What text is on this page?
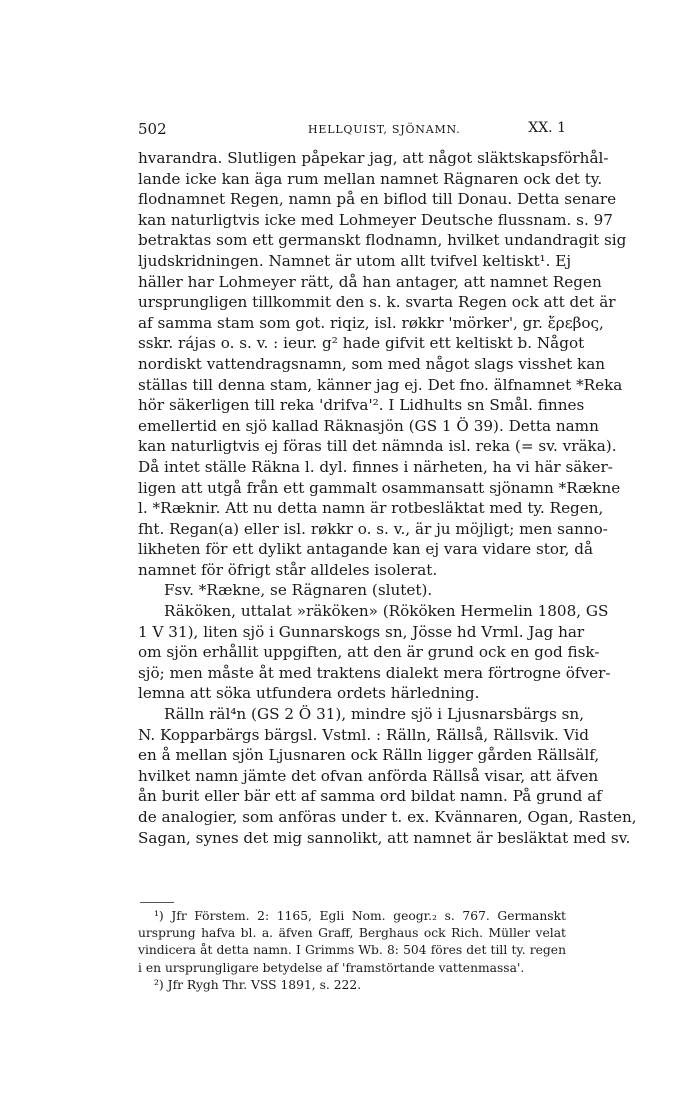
502	HELLQUIST, SJÖNAMN.	XX. 1
hvarandra. Slutligen påpekar jag, att något släktskapsförhål-
lande icke kan äga rum mellan namnet Rägnaren ock det ty.
flodnamnet Regen, namn på en biflod till Donau. Detta senare
kan naturligtvis icke med Lohmeyer Deutsche flussnam. s. 97
betraktas som ett germanskt flodnamn, hvilket undandragit sig
ljudskridningen. Namnet är utom allt tvifvel keltiskt¹. Ej
häller har Lohmeyer rätt, då han antager, att namnet Regen
ursprungligen tillkommit den s. k. svarta Regen ock att det är
af samma stam som got. riqiz, isl. røkkr 'mörker', gr. ἔρεβος,
sskr. rájas o. s. v. : ieur. g² hade gifvit ett keltiskt b. Något
nordiskt vattendragsnamn, som med något slags visshet kan
ställas till denna stam, känner jag ej. Det fno. älfnamnet *Reka
hör säkerligen till reka 'drifva'². I Lidhults sn Smål. finnes
emellertid en sjö kallad Räknasjön (GS 1 Ö 39). Detta namn
kan naturligtvis ej föras till det nämnda isl. reka (= sv. vräka).
Då intet ställe Räkna l. dyl. finnes i närheten, ha vi här säker-
ligen att utgå från ett gammalt osammansatt sjönamn *Rækne
l. *Ræknir. Att nu detta namn är rotbesläktat med ty. Regen,
fht. Regan(a) eller isl. røkkr o. s. v., är ju möjligt; men sanno-
likheten för ett dylikt antagande kan ej vara vidare stor, då
namnet för öfrigt står alldeles isolerat.
Fsv. *Rækne, se Rägnaren (slutet).
Räköken, uttalat »räköken» (Rököken Hermelin 1808, GS
1 V 31), liten sjö i Gunnarskogs sn, Jösse hd Vrml. Jag har
om sjön erhållit uppgiften, att den är grund ock en god fisk-
sjö; men måste åt med traktens dialekt mera förtrogne öfver-
lemna att söka utfundera ordets härledning.
Rälln räl⁴n (GS 2 Ö 31), mindre sjö i Ljusnarsbärgs sn,
N. Kopparbärgs bärgsl. Vstml. : Rälln, Rällså, Rällsvik. Vid
en å mellan sjön Ljusnaren ock Rälln ligger gården Rällsälf,
hvilket namn jämte det ofvan anförda Rällså visar, att äfven
ån burit eller bär ett af samma ord bildat namn. På grund af
de analogier, som anföras under t. ex. Kvännaren, Ogan, Rasten,
Sagan, synes det mig sannolikt, att namnet är besläktat med sv.
¹) Jfr Förstem. 2: 1165, Egli Nom. geogr.₂ s. 767. Germanskt
ursprung hafva bl. a. äfven Graff, Berghaus ock Rich. Müller velat
vindicera åt detta namn. I Grimms Wb. 8: 504 föres det till ty. regen
i en ursprungligare betydelse af 'framstörtande vattenmassa'.
²) Jfr Rygh Thr. VSS 1891, s. 222.
